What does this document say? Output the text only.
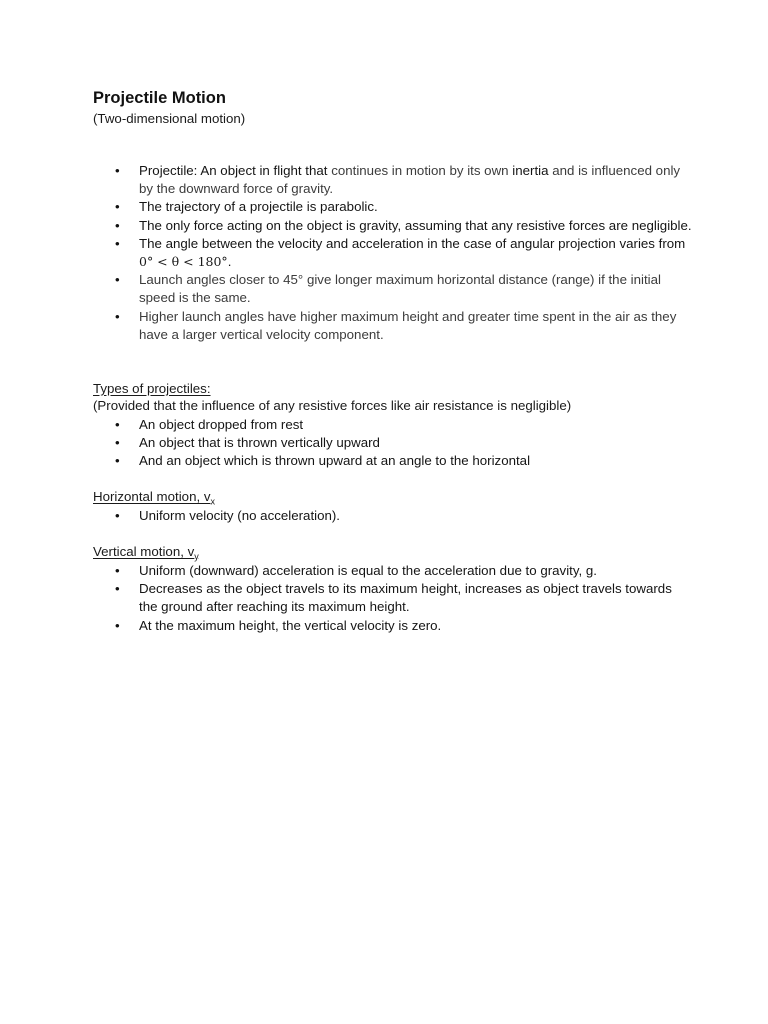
Projectile Motion

(Two-dimensional motion)

• Projectile: An object in flight that continues in motion by its own inertia and is influenced only by the downward force of gravity.
• The trajectory of a projectile is parabolic.
• The only force acting on the object is gravity, assuming that any resistive forces are negligible.
• The angle between the velocity and acceleration in the case of angular projection varies from 0° < θ < 180°.
• Launch angles closer to 45° give longer maximum horizontal distance (range) if the initial speed is the same.
• Higher launch angles have higher maximum height and greater time spent in the air as they have a larger vertical velocity component.

Types of projectiles:

(Provided that the influence of any resistive forces like air resistance is negligible)

• An object dropped from rest
• An object that is thrown vertically upward
• And an object which is thrown upward at an angle to the horizontal

Horizontal motion, $v_x$

• Uniform velocity (no acceleration).

Vertical motion, $v_y$

• Uniform (downward) acceleration is equal to the acceleration due to gravity, g.
• Decreases as the object travels to its maximum height, increases as object travels towards the ground after reaching its maximum height.
• At the maximum height, the vertical velocity is zero.
